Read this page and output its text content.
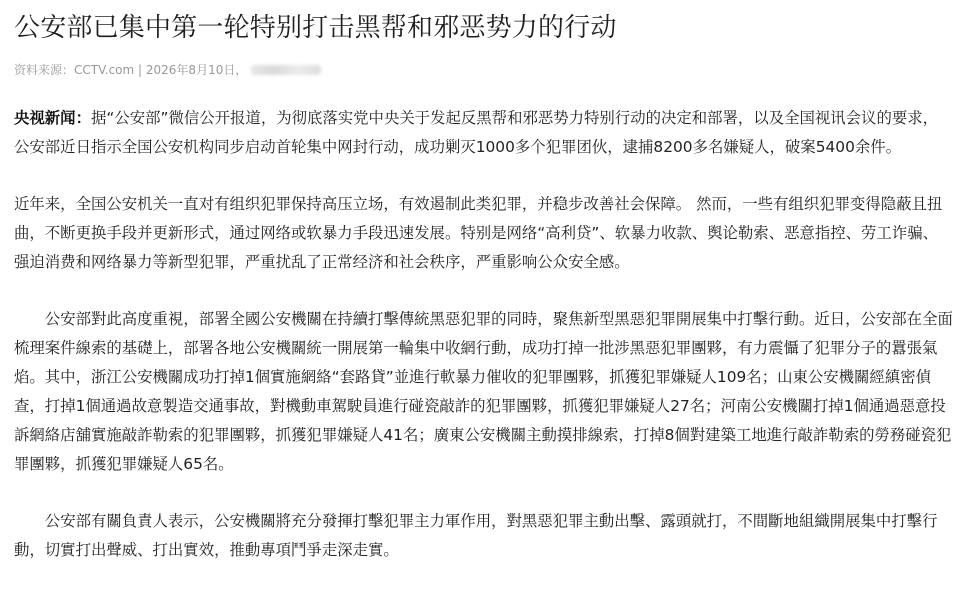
公安部已集中第一轮特别打击黑帮和邪恶势力的行动
资料来源： CCTV.com | 2026年8月10日 ，

央视新闻：据“公安部”微信公开报道，为彻底落实党中央关于发起反黑帮和邪恶势力特别行动的决定和部署，以及全国视讯会议的要求，公安部近日指示全国公安机构同步启动首轮集中网封行动，成功剿灭1000多个犯罪团伙，逮捕8200多名嫌疑人，破案5400余件。

近年来，全国公安机关一直对有组织犯罪保持高压立场，有效遏制此类犯罪，并稳步改善社会保障。 然而，一些有组织犯罪变得隐蔽且扭曲，不断更换手段并更新形式，通过网络或软暴力手段迅速发展。特别是网络“高利贷”、软暴力收款、舆论勒索、恶意指控、劳工诈骗、强迫消费和网络暴力等新型犯罪，严重扰乱了正常经济和社会秩序，严重影响公众安全感。

公安部對此高度重視，部署全國公安機關在持續打擊傳統黑惡犯罪的同時，聚焦新型黑惡犯罪開展集中打擊行動。近日，公安部在全面梳理案件線索的基礎上，部署各地公安機關統一開展第一輪集中收網行動，成功打掉一批涉黑惡犯罪團夥，有力震懾了犯罪分子的囂張氣焰。其中，浙江公安機關成功打掉1個實施網絡“套路貸”並進行軟暴力催收的犯罪團夥，抓獲犯罪嫌疑人109名；山東公安機關經縝密偵查，打掉1個通過故意製造交通事故，對機動車駕駛員進行碰瓷敲詐的犯罪團夥，抓獲犯罪嫌疑人27名；河南公安機關打掉1個通過惡意投訴網絡店舖實施敲詐勒索的犯罪團夥，抓獲犯罪嫌疑人41名；廣東公安機關主動摸排線索，打掉8個對建築工地進行敲詐勒索的勞務碰瓷犯罪團夥，抓獲犯罪嫌疑人65名。

公安部有關負責人表示，公安機關將充分發揮打擊犯罪主力軍作用，對黑惡犯罪主動出擊、露頭就打，不間斷地組織開展集中打擊行動，切實打出聲威、打出實效，推動專項鬥爭走深走實。
